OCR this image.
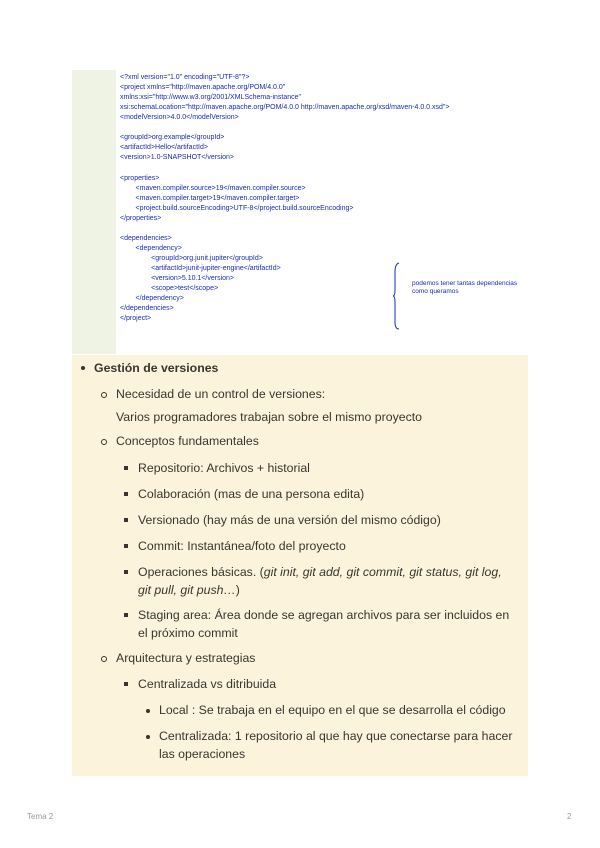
<?xml version="1.0" encoding="UTF-8"?>
<project xmlns="http://maven.apache.org/POM/4.0.0"
xmlns:xsi="http://www.w3.org/2001/XMLSchema-instance"
xsi:schemaLocation="http://maven.apache.org/POM/4.0.0 http://maven.apache.org/xsd/maven-4.0.0.xsd">
<modelVersion>4.0.0</modelVersion>
<groupId>org.example</groupId>
<artifactId>Hello</artifactId>
<version>1.0-SNAPSHOT</version>
<properties>
<maven.compiler.source>19</maven.compiler.source>
<maven.compiler.target>19</maven.compiler.target>
<project.build.sourceEncoding>UTF-8</project.build.sourceEncoding>
</properties>
<dependencies>
<dependency>
<groupId>org.junit.jupiter</groupId>
<artifactId>junit-jupiter-engine</artifactId>
<version>5.10.1</version>
<scope>test</scope>
</dependency>
</dependencies>
</project>
podemos tener tantas dependencias como queramos
Gestión de versiones
Necesidad de un control de versiones:
Varios programadores trabajan sobre el mismo proyecto
Conceptos fundamentales
Repositorio: Archivos + historial
Colaboración (mas de una persona edita)
Versionado (hay más de una versión del mismo código)
Commit: Instantánea/foto del proyecto
Operaciones básicas. (git init, git add, git commit, git status, git log,
git pull, git push…)
Staging area: Área donde se agregan archivos para ser incluidos en
el próximo commit
Arquitectura y estrategias
Centralizada vs ditribuida
Local : Se trabaja en el equipo en el que se desarrolla el código
Centralizada: 1 repositorio al que hay que conectarse para hacer
las operaciones
Tema 2	2
